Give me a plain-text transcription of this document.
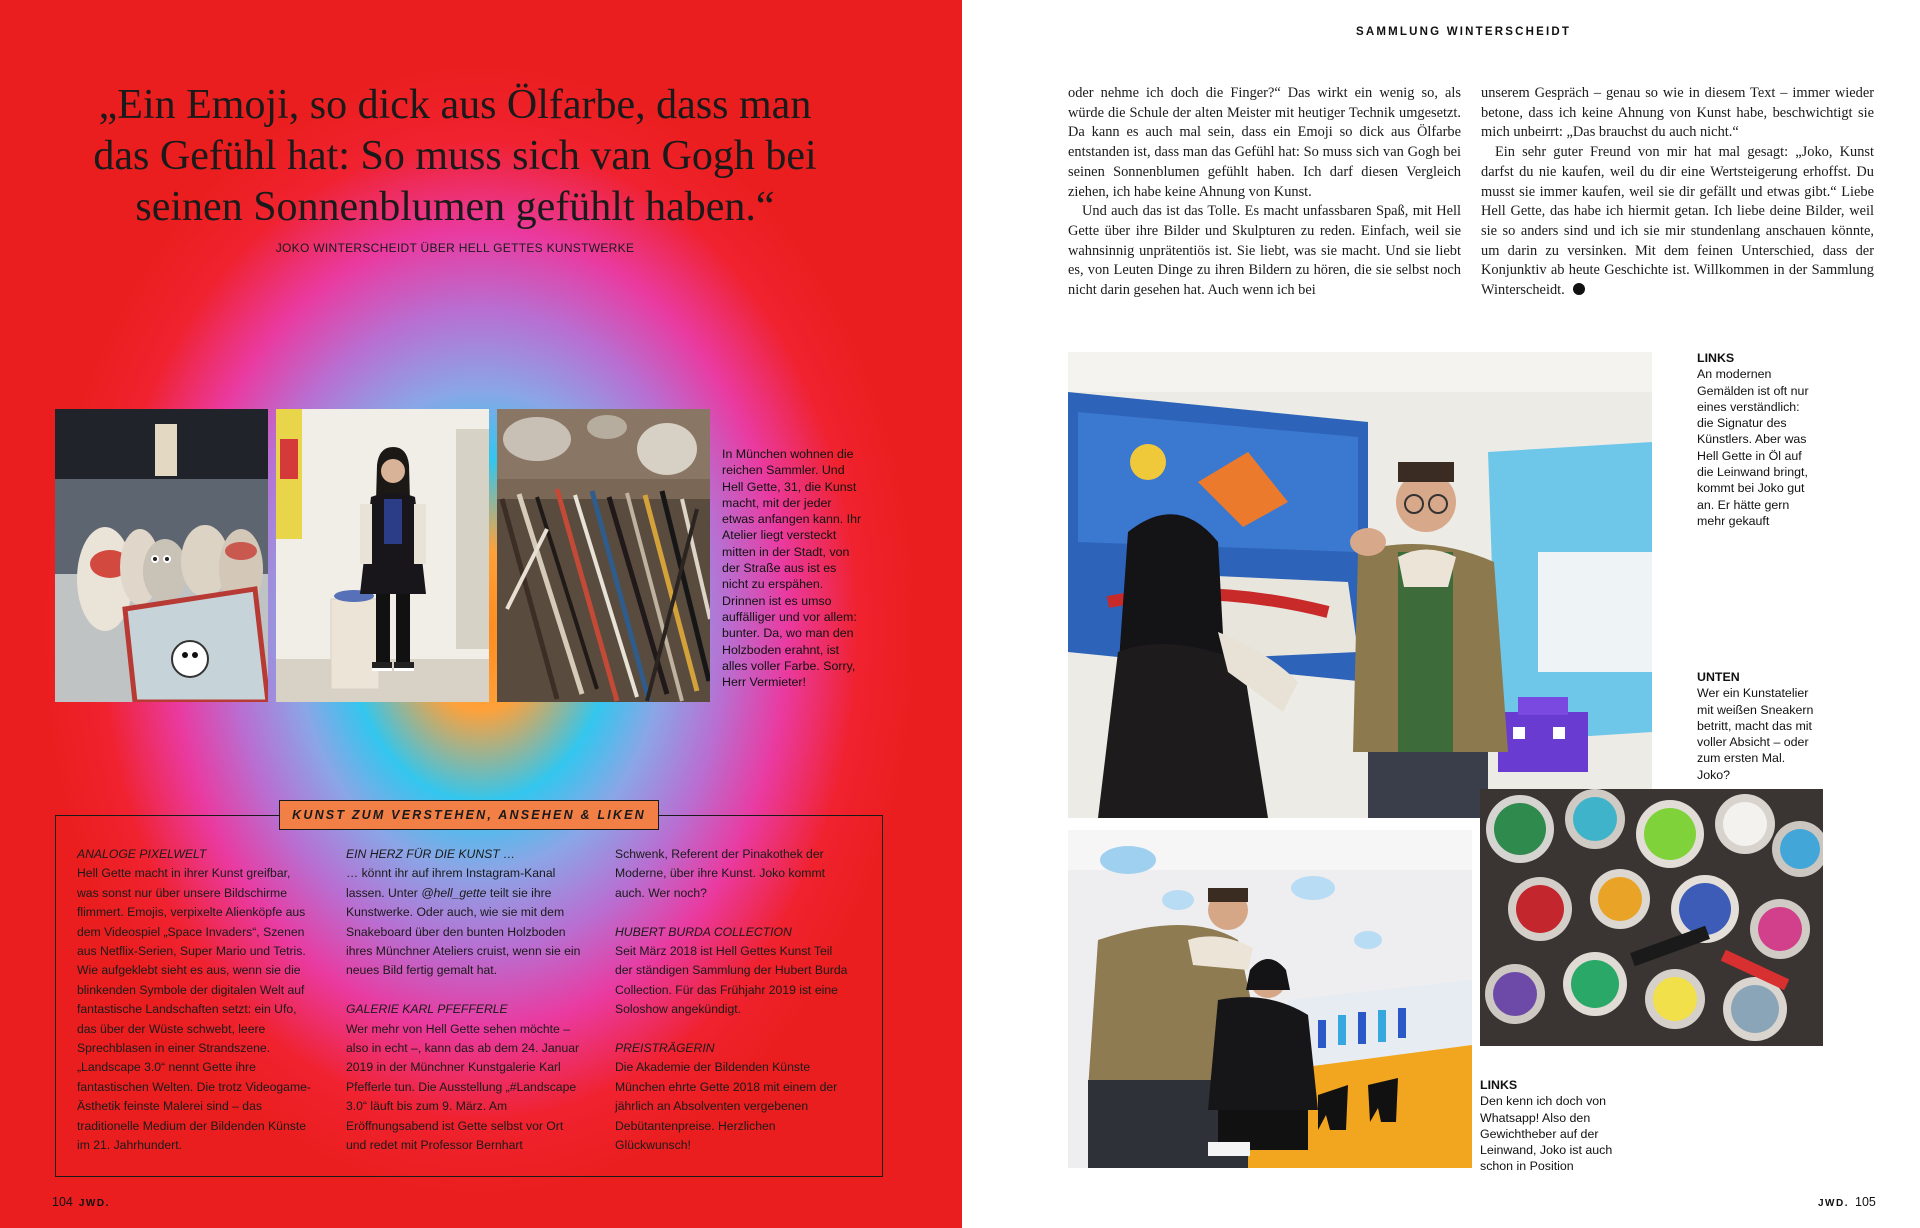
„Ein Emoji, so dick aus Ölfarbe, dass man
das Gefühl hat: So muss sich van Gogh bei
seinen Sonnenblumen gefühlt haben.“
JOKO WINTERSCHEIDT ÜBER HELL GETTES KUNSTWERKE

In München wohnen die reichen Sammler. Und Hell Gette, 31, die Kunst macht, mit der jeder etwas anfangen kann. Ihr Atelier liegt versteckt mitten in der Stadt, von der Straße aus ist es nicht zu erspähen. Drinnen ist es umso auffälliger und vor allem: bunter. Da, wo man den Holzboden erahnt, ist alles voller Farbe. Sorry, Herr Vermieter!

KUNST ZUM VERSTEHEN, ANSEHEN & LIKEN
ANALOGE PIXELWELT

Hell Gette macht in ihrer Kunst greifbar, was sonst nur über unsere Bildschirme flimmert. Emojis, verpixelte Alienköpfe aus dem Videospiel „Space Invaders“, Szenen aus Netflix-Serien, Super Mario und Tetris. Wie aufgeklebt sieht es aus, wenn sie die blinkenden Symbole der digitalen Welt auf fantastische Landschaften setzt: ein Ufo, das über der Wüste schwebt, leere Sprechblasen in einer Strandszene. „Landscape 3.0“ nennt Gette ihre fantastischen Welten. Die trotz Videogame-Ästhetik feinste Malerei sind – das traditionelle Medium der Bildenden Künste im 21. Jahrhundert.

EIN HERZ FÜR DIE KUNST …

… könnt ihr auf ihrem Instagram-Kanal lassen. Unter @hell_gette teilt sie ihre Kunstwerke. Oder auch, wie sie mit dem Snakeboard über den bunten Holzboden ihres Münchner Ateliers cruist, wenn sie ein neues Bild fertig gemalt hat.

GALERIE KARL PFEFFERLE

Wer mehr von Hell Gette sehen möchte – also in echt –, kann das ab dem 24. Januar 2019 in der Münchner Kunstgalerie Karl Pfefferle tun. Die Ausstellung „#Landscape 3.0“ läuft bis zum 9. März. Am Eröffnungsabend ist Gette selbst vor Ort und redet mit Professor Bernhart

Schwenk, Referent der Pinakothek der Moderne, über ihre Kunst. Joko kommt auch. Wer noch?

HUBERT BURDA COLLECTION

Seit März 2018 ist Hell Gettes Kunst Teil der ständigen Sammlung der Hubert Burda Collection. Für das Frühjahr 2019 ist eine Soloshow angekündigt.

PREISTRÄGERIN

Die Akademie der Bildenden Künste München ehrte Gette 2018 mit einem der jährlich an Absolventen vergebenen Debütantenpreise. Herzlichen Glückwunsch!

104 JWD.
SAMMLUNG WINTERSCHEIDT

oder nehme ich doch die Finger?“ Das wirkt ein wenig so, als würde die Schule der alten Meister mit heutiger Technik umgesetzt. Da kann es auch mal sein, dass ein Emoji so dick aus Ölfarbe entstanden ist, dass man das Gefühl hat: So muss sich van Gogh bei seinen Sonnenblumen gefühlt haben. Ich darf diesen Vergleich ziehen, ich habe keine Ahnung von Kunst.

Und auch das ist das Tolle. Es macht unfassbaren Spaß, mit Hell Gette über ihre Bilder und Skulpturen zu reden. Einfach, weil sie wahnsinnig unprätentiös ist. Sie liebt, was sie macht. Und sie liebt es, von Leuten Dinge zu ihren Bildern zu hören, die sie selbst noch nicht darin gesehen hat. Auch wenn ich bei

unserem Gespräch – genau so wie in diesem Text – immer wieder betone, dass ich keine Ahnung von Kunst habe, beschwichtigt sie mich unbeirrt: „Das brauchst du auch nicht.“

Ein sehr guter Freund von mir hat mal gesagt: „Joko, Kunst darfst du nie kaufen, weil du dir eine Wertsteigerung erhoffst. Du musst sie immer kaufen, weil sie dir gefällt und etwas gibt.“ Liebe Hell Gette, das habe ich hiermit getan. Ich liebe deine Bilder, weil sie so anders sind und ich sie mir stundenlang anschauen könnte, um darin zu versinken. Mit dem feinen Unterschied, dass der Konjunktiv ab heute Geschichte ist. Willkommen in der Sammlung Winterscheidt.

LINKS
An modernen Gemälden ist oft nur eines verständlich: die Signatur des Künstlers. Aber was Hell Gette in Öl auf die Leinwand bringt, kommt bei Joko gut an. Er hätte gern mehr gekauft

UNTEN
Wer ein Kunstatelier mit weißen Sneakern betritt, macht das mit voller Absicht – oder zum ersten Mal. Joko?

LINKS
Den kenn ich doch von Whatsapp! Also den Gewichtheber auf der Leinwand, Joko ist auch schon in Position

JWD. 105
